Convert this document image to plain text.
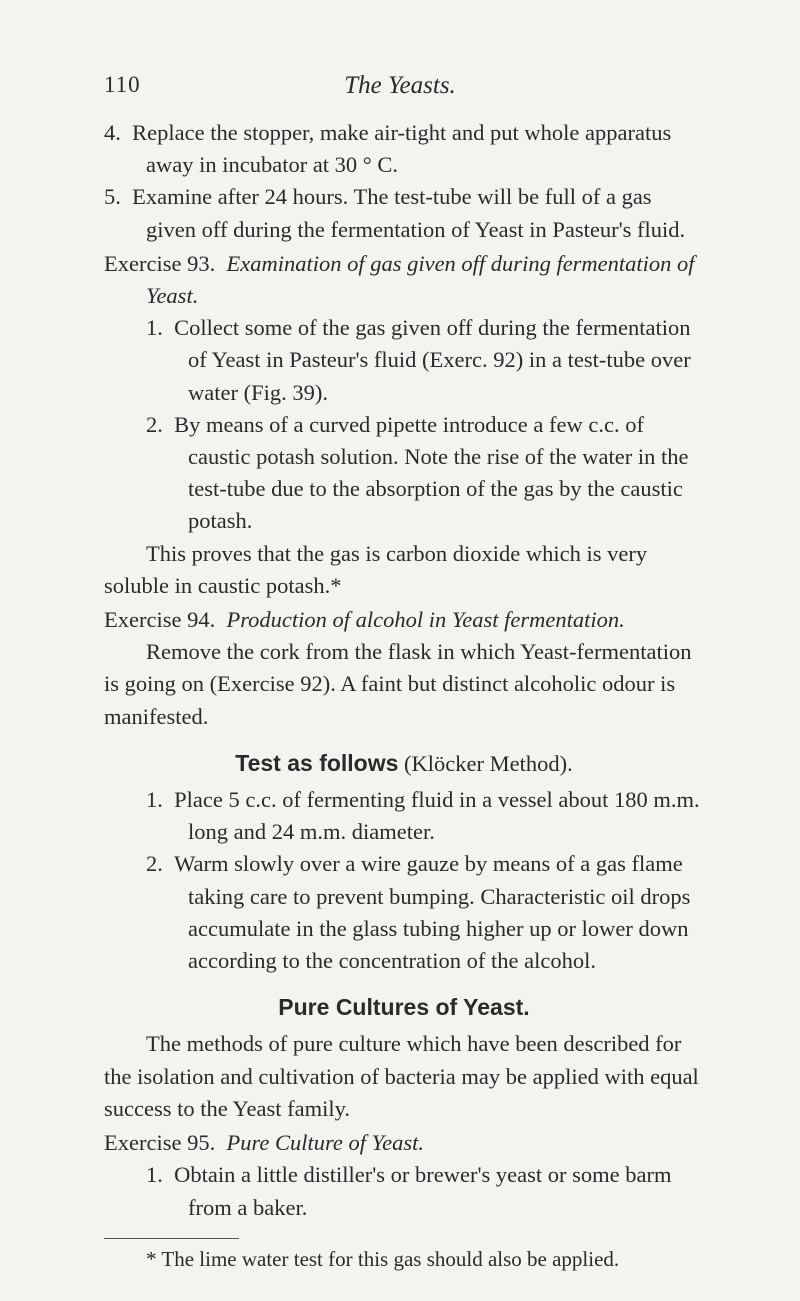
110	The Yeasts.

4. Replace the stopper, make air-tight and put whole apparatus away in incubator at 30 ° C.

5. Examine after 24 hours. The test-tube will be full of a gas given off during the fermentation of Yeast in Pasteur's fluid.

Exercise 93. Examination of gas given off during fermentation of Yeast.

1. Collect some of the gas given off during the fermentation of Yeast in Pasteur's fluid (Exerc. 92) in a test-tube over water (Fig. 39).

2. By means of a curved pipette introduce a few c.c. of caustic potash solution. Note the rise of the water in the test-tube due to the absorption of the gas by the caustic potash.

This proves that the gas is carbon dioxide which is very soluble in caustic potash.*

Exercise 94. Production of alcohol in Yeast fermentation.

Remove the cork from the flask in which Yeast-fermentation is going on (Exercise 92). A faint but distinct alcoholic odour is manifested.

Test as follows (Klöcker Method).

1. Place 5 c.c. of fermenting fluid in a vessel about 180 m.m. long and 24 m.m. diameter.

2. Warm slowly over a wire gauze by means of a gas flame taking care to prevent bumping. Characteristic oil drops accumulate in the glass tubing higher up or lower down according to the concentration of the alcohol.

Pure Cultures of Yeast.

The methods of pure culture which have been described for the isolation and cultivation of bacteria may be applied with equal success to the Yeast family.

Exercise 95. Pure Culture of Yeast.

1. Obtain a little distiller's or brewer's yeast or some barm from a baker.

* The lime water test for this gas should also be applied.
